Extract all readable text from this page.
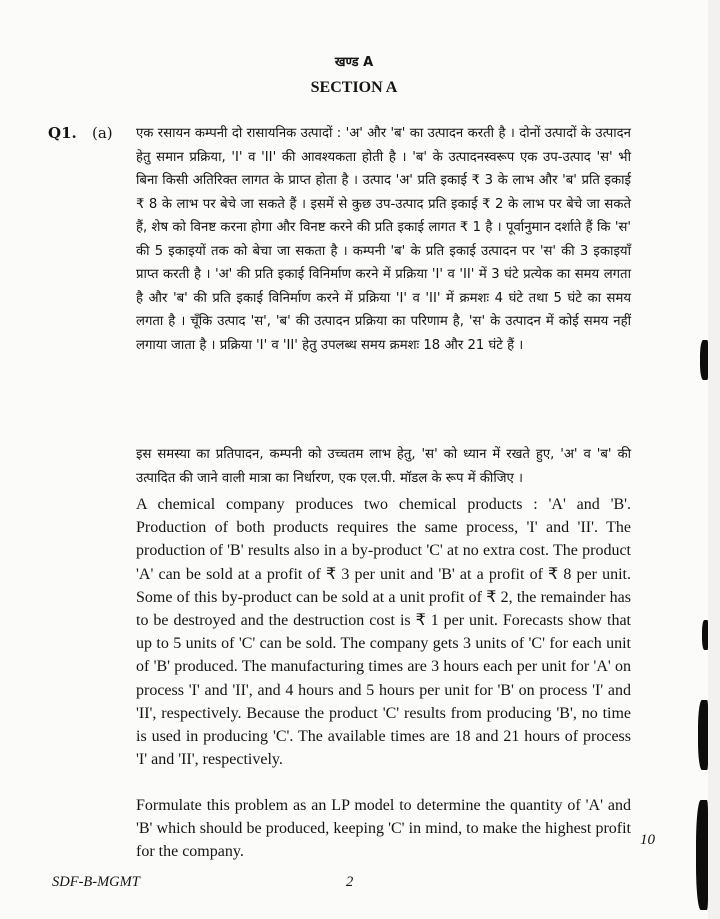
खण्ड A
SECTION A
Q1. (a) एक रसायन कम्पनी दो रासायनिक उत्पादों : 'अ' और 'ब' का उत्पादन करती है । दोनों उत्पादों के उत्पादन हेतु समान प्रक्रिया, 'I' व 'II' की आवश्यकता होती है । 'ब' के उत्पादनस्वरूप एक उप-उत्पाद 'स' भी बिना किसी अतिरिक्त लागत के प्राप्त होता है । उत्पाद 'अ' प्रति इकाई ₹ 3 के लाभ और 'ब' प्रति इकाई ₹ 8 के लाभ पर बेचे जा सकते हैं । इसमें से कुछ उप-उत्पाद प्रति इकाई ₹ 2 के लाभ पर बेचे जा सकते हैं, शेष को विनष्ट करना होगा और विनष्ट करने की प्रति इकाई लागत ₹ 1 है । पूर्वानुमान दर्शाते हैं कि 'स' की 5 इकाइयों तक को बेचा जा सकता है । कम्पनी 'ब' के प्रति इकाई उत्पादन पर 'स' की 3 इकाइयाँ प्राप्त करती है । 'अ' की प्रति इकाई विनिर्माण करने में प्रक्रिया 'I' व 'II' में 3 घंटे प्रत्येक का समय लगता है और 'ब' की प्रति इकाई विनिर्माण करने में प्रक्रिया 'I' व 'II' में क्रमशः 4 घंटे तथा 5 घंटे का समय लगता है । चूँकि उत्पाद 'स', 'ब' की उत्पादन प्रक्रिया का परिणाम है, 'स' के उत्पादन में कोई समय नहीं लगाया जाता है । प्रक्रिया 'I' व 'II' हेतु उपलब्ध समय क्रमशः 18 और 21 घंटे हैं ।
इस समस्या का प्रतिपादन, कम्पनी को उच्चतम लाभ हेतु, 'स' को ध्यान में रखते हुए, 'अ' व 'ब' की उत्पादित की जाने वाली मात्रा का निर्धारण, एक एल.पी. मॉडल के रूप में कीजिए ।
A chemical company produces two chemical products : 'A' and 'B'. Production of both products requires the same process, 'I' and 'II'. The production of 'B' results also in a by-product 'C' at no extra cost. The product 'A' can be sold at a profit of ₹ 3 per unit and 'B' at a profit of ₹ 8 per unit. Some of this by-product can be sold at a unit profit of ₹ 2, the remainder has to be destroyed and the destruction cost is ₹ 1 per unit. Forecasts show that up to 5 units of 'C' can be sold. The company gets 3 units of 'C' for each unit of 'B' produced. The manufacturing times are 3 hours each per unit for 'A' on process 'I' and 'II', and 4 hours and 5 hours per unit for 'B' on process 'I' and 'II', respectively. Because the product 'C' results from producing 'B', no time is used in producing 'C'. The available times are 18 and 21 hours of process 'I' and 'II', respectively.
Formulate this problem as an LP model to determine the quantity of 'A' and 'B' which should be produced, keeping 'C' in mind, to make the highest profit for the company.
10
SDF-B-MGMT	2
